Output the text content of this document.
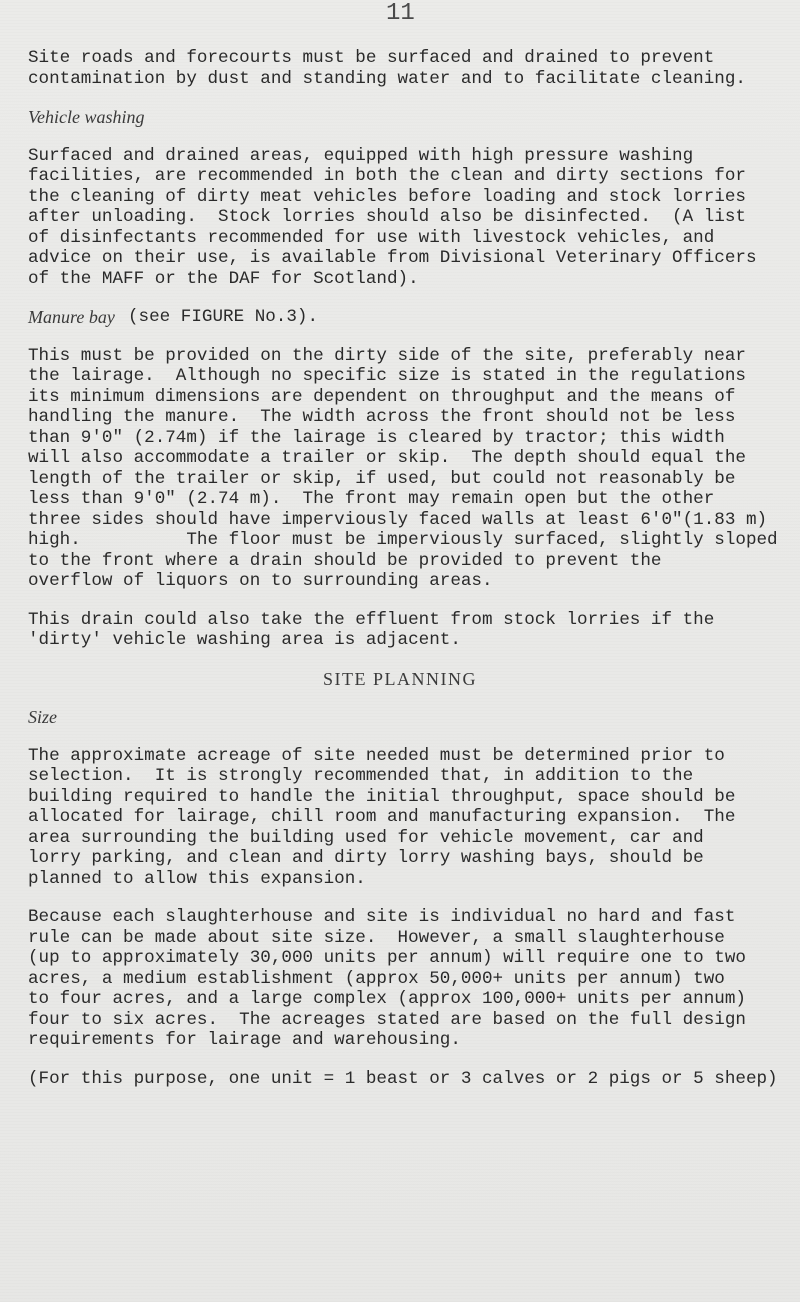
11
Site roads and forecourts must be surfaced and drained to prevent
contamination by dust and standing water and to facilitate cleaning.
Vehicle washing
Surfaced and drained areas, equipped with high pressure washing
facilities, are recommended in both the clean and dirty sections for
the cleaning of dirty meat vehicles before loading and stock lorries
after unloading.  Stock lorries should also be disinfected.  (A list
of disinfectants recommended for use with livestock vehicles, and
advice on their use, is available from Divisional Veterinary Officers
of the MAFF or the DAF for Scotland).
Manure bay (see FIGURE No.3).
This must be provided on the dirty side of the site, preferably near
the lairage.  Although no specific size is stated in the regulations
its minimum dimensions are dependent on throughput and the means of
handling the manure.  The width across the front should not be less
than 9'0" (2.74m) if the lairage is cleared by tractor; this width
will also accommodate a trailer or skip.  The depth should equal the
length of the trailer or skip, if used, but could not reasonably be
less than 9'0" (2.74 m).  The front may remain open but the other
three sides should have imperviously faced walls at least 6'0"(1.83 m)
high.          The floor must be imperviously surfaced, slightly sloped
to the front where a drain should be provided to prevent the
overflow of liquors on to surrounding areas.
This drain could also take the effluent from stock lorries if the
'dirty' vehicle washing area is adjacent.
SITE PLANNING
Size
The approximate acreage of site needed must be determined prior to
selection.  It is strongly recommended that, in addition to the
building required to handle the initial throughput, space should be
allocated for lairage, chill room and manufacturing expansion.  The
area surrounding the building used for vehicle movement, car and
lorry parking, and clean and dirty lorry washing bays, should be
planned to allow this expansion.
Because each slaughterhouse and site is individual no hard and fast
rule can be made about site size.  However, a small slaughterhouse
(up to approximately 30,000 units per annum) will require one to two
acres, a medium establishment (approx 50,000+ units per annum) two
to four acres, and a large complex (approx 100,000+ units per annum)
four to six acres.  The acreages stated are based on the full design
requirements for lairage and warehousing.
(For this purpose, one unit = 1 beast or 3 calves or 2 pigs or 5 sheep)
